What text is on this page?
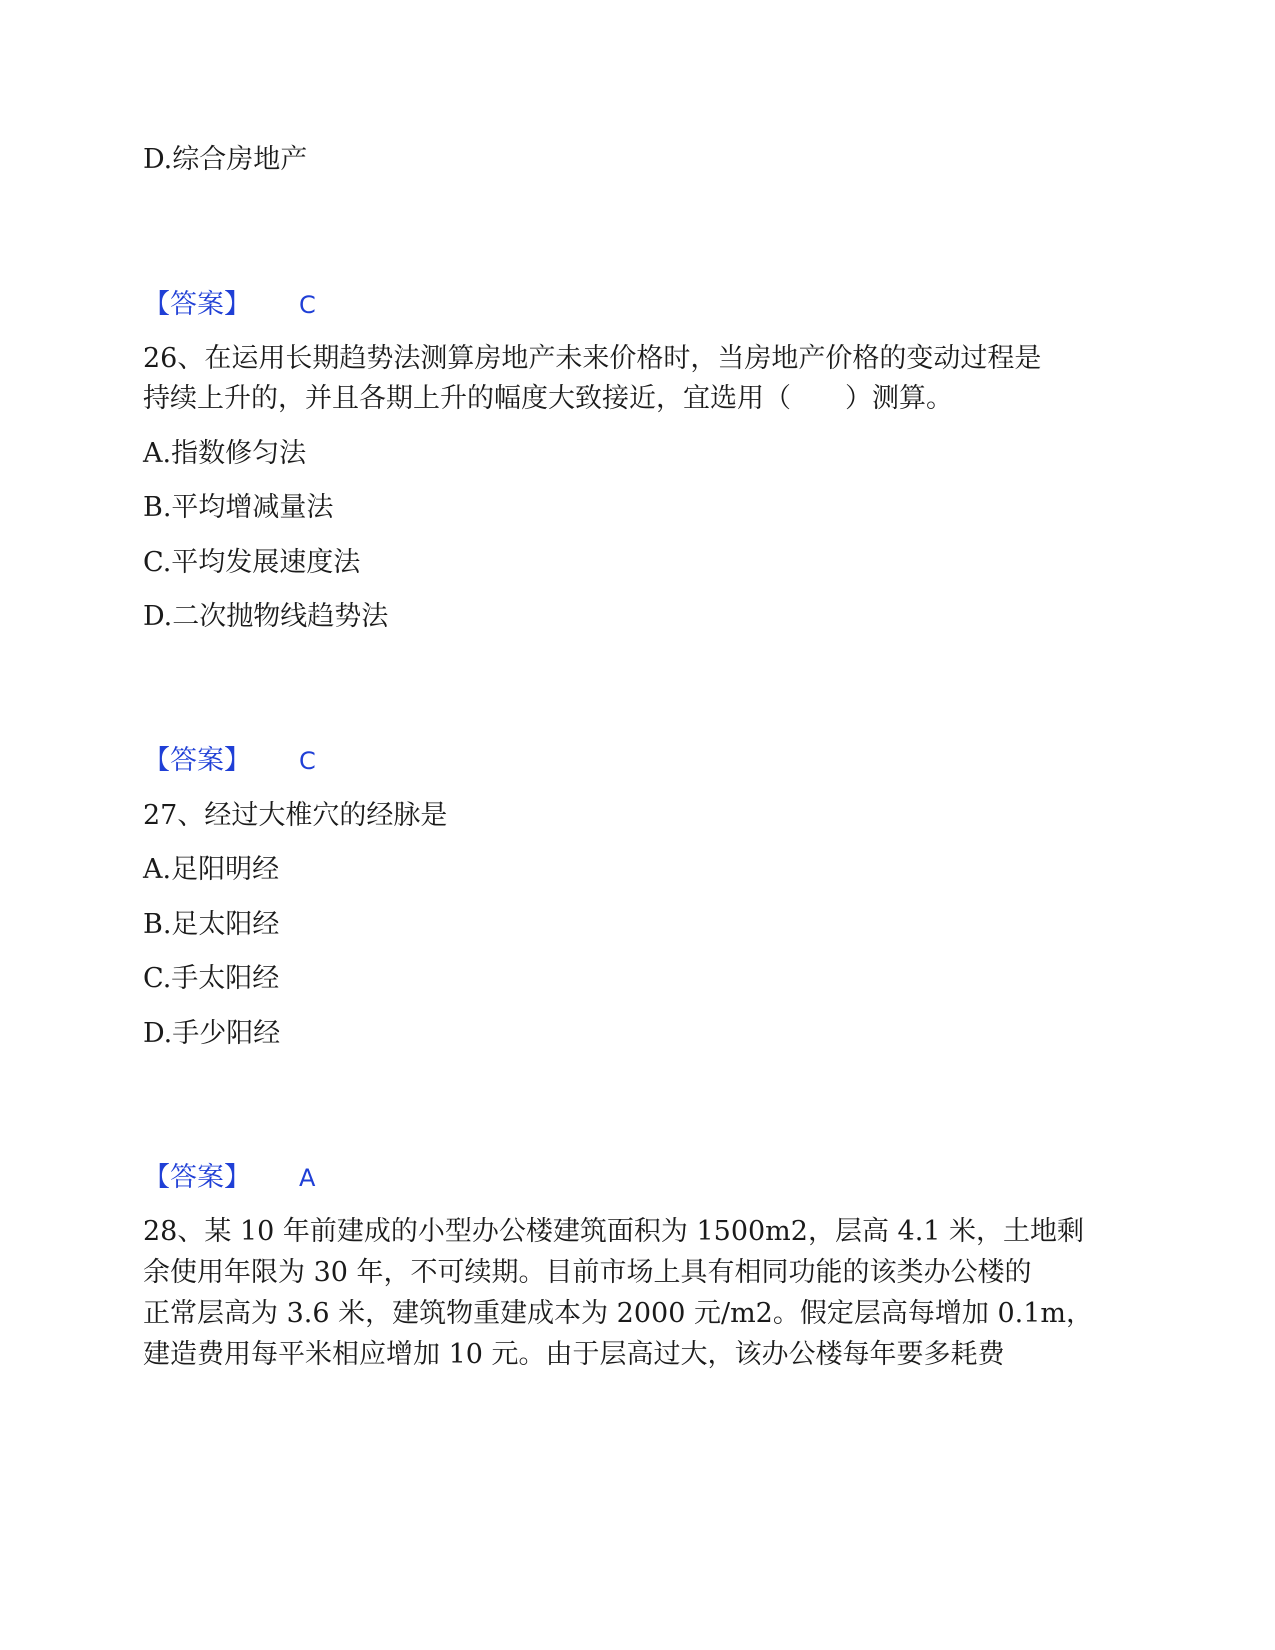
D.综合房地产
【答案】 C
26、在运用长期趋势法测算房地产未来价格时，当房地产价格的变动过程是
持续上升的，并且各期上升的幅度大致接近，宜选用（　　）测算。
A.指数修匀法
B.平均增减量法
C.平均发展速度法
D.二次抛物线趋势法
【答案】 C
27、经过大椎穴的经脉是
A.足阳明经
B.足太阳经
C.手太阳经
D.手少阳经
【答案】 A
28、某 10 年前建成的小型办公楼建筑面积为 1500m2，层高 4.1 米，土地剩
余使用年限为 30 年，不可续期。目前市场上具有相同功能的该类办公楼的
正常层高为 3.6 米，建筑物重建成本为 2000 元/m2。假定层高每增加 0.1m，
建造费用每平米相应增加 10 元。由于层高过大，该办公楼每年要多耗费
